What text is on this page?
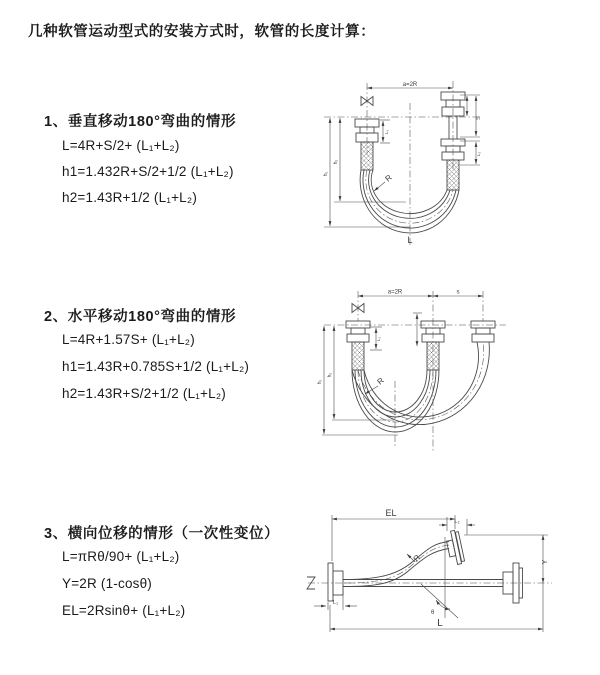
几种软管运动型式的安装方式时，软管的长度计算：
1、垂直移动180°弯曲的情形
L=4R+S/2+ (L₁+L₂)
h1=1.432R+S/2+1/2 (L₁+L₂)
h2=1.43R+1/2 (L₁+L₂)
2、水平移动180°弯曲的情形
L=4R+1.57S+ (L₁+L₂)
h1=1.43R+0.785S+1/2 (L₁+L₂)
h2=1.43R+S/2+1/2 (L₁+L₂)
3、横向位移的情形（一次性变位）
L=πRθ/90+ (L₁+L₂)
Y=2R (1-cosθ)
EL=2Rsinθ+ (L₁+L₂)
a=2R
h₁
h₂
S
L₁
L₂
R
L
a=2R	s
h₁
h₂
L₁
R
EL
L₂
Y
L₁
R
θ
L
